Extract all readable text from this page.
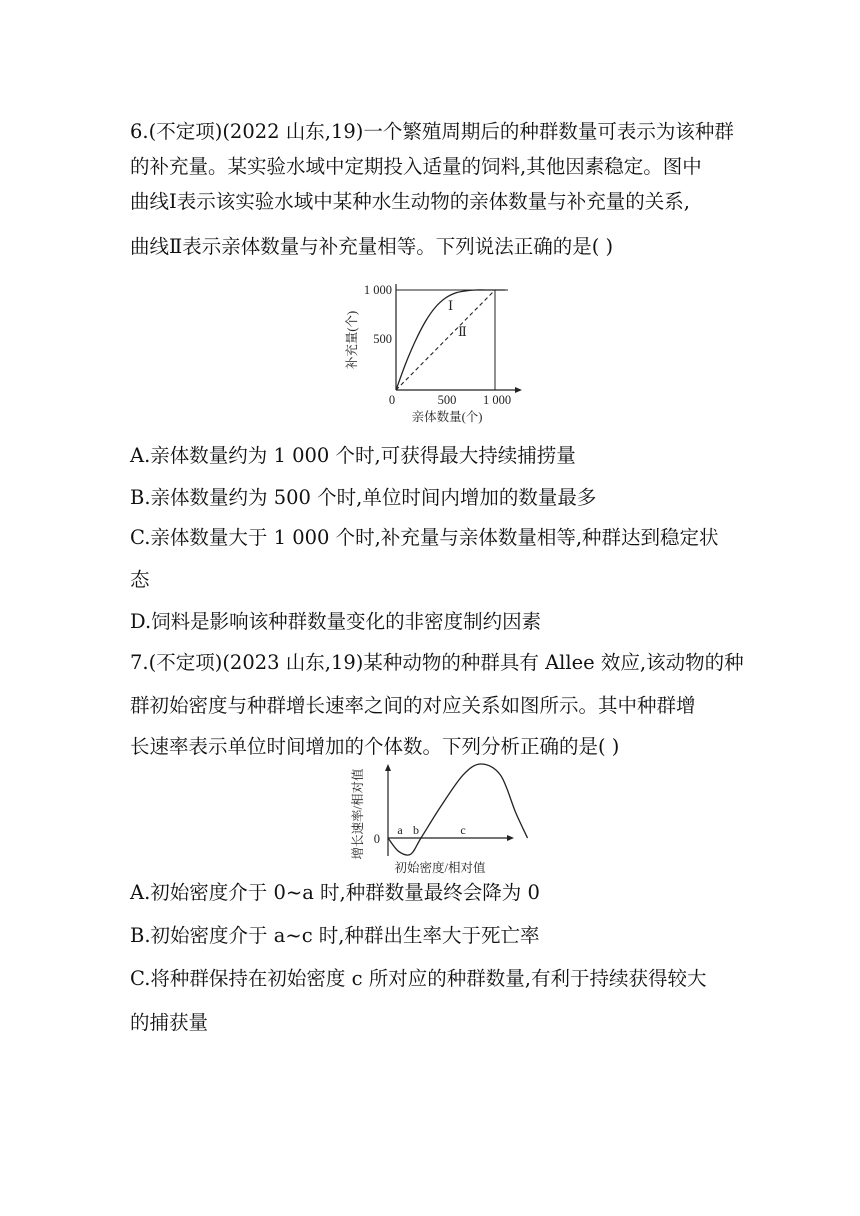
6.(不定项)(2022 山东,19)一个繁殖周期后的种群数量可表示为该种群
的补充量。某实验水域中定期投入适量的饲料,其他因素稳定。图中
曲线Ⅰ表示该实验水域中某种水生动物的亲体数量与补充量的关系,
曲线Ⅱ表示亲体数量与补充量相等。下列说法正确的是( )
Ⅰ
Ⅱ
1 000
500
0	500 1 000
亲体数量(个)
补充量(个)
A.亲体数量约为 1 000 个时,可获得最大持续捕捞量
B.亲体数量约为 500 个时,单位时间内增加的数量最多
C.亲体数量大于 1 000 个时,补充量与亲体数量相等,种群达到稳定状
态
D.饲料是影响该种群数量变化的非密度制约因素
7.(不定项)(2023 山东,19)某种动物的种群具有 Allee 效应,该动物的种
群初始密度与种群增长速率之间的对应关系如图所示。其中种群增
长速率表示单位时间增加的个体数。下列分析正确的是( )
0
a b	c
初始密度/相对值
增长速率/相对值
A.初始密度介于 0~a 时,种群数量最终会降为 0
B.初始密度介于 a~c 时,种群出生率大于死亡率
C.将种群保持在初始密度 c 所对应的种群数量,有利于持续获得较大
的捕获量
